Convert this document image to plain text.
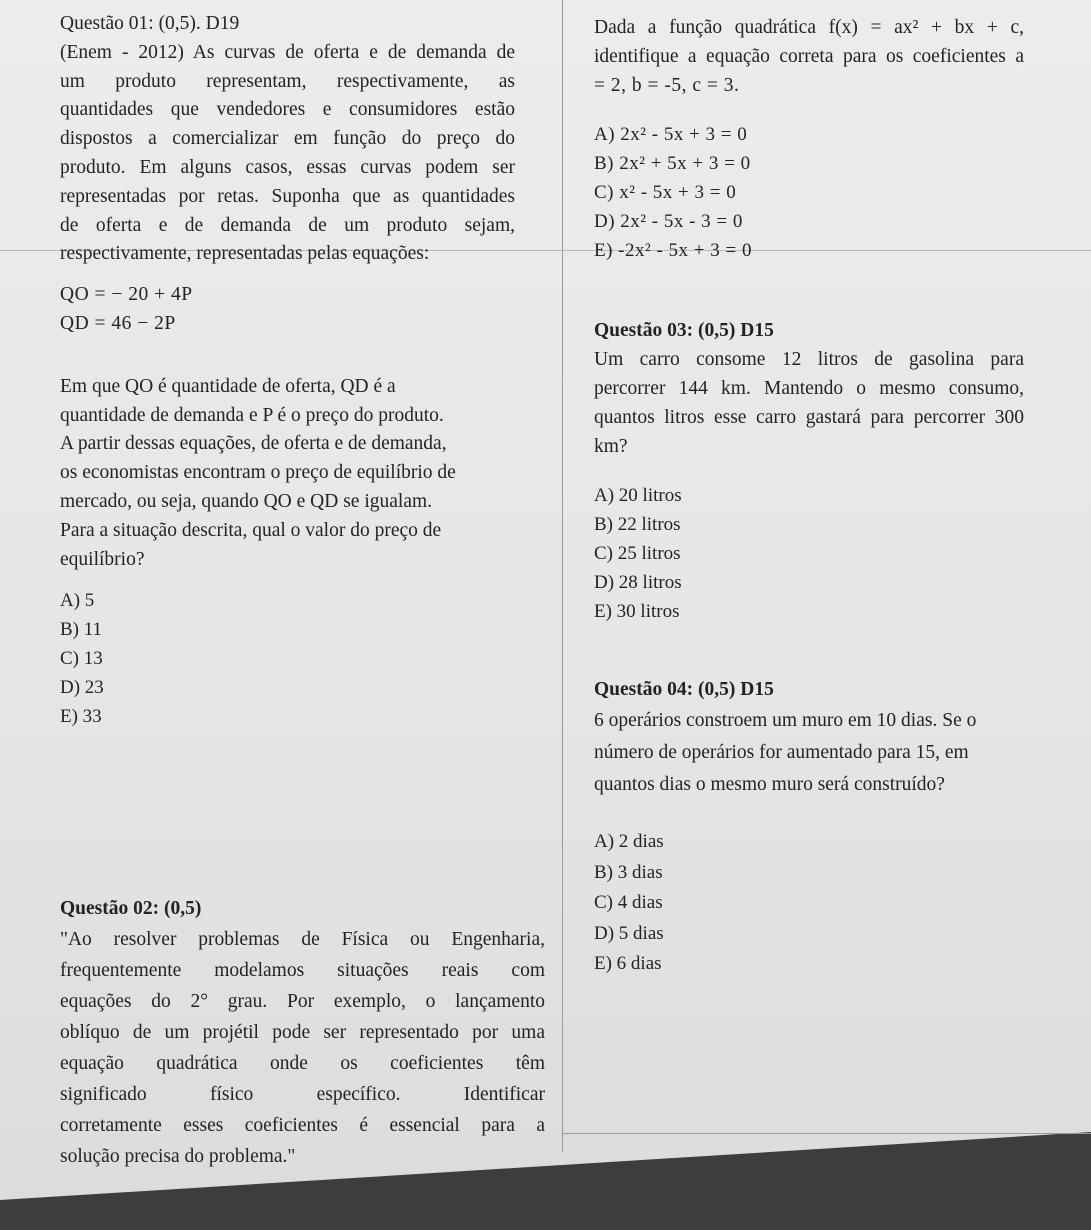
Questão 01: (0,5). D19
(Enem - 2012) As curvas de oferta e de demanda de
um produto representam, respectivamente, as
quantidades que vendedores e consumidores estão
dispostos a comercializar em função do preço do
produto. Em alguns casos, essas curvas podem ser
representadas por retas. Suponha que as quantidades
de oferta e de demanda de um produto sejam,
respectivamente, representadas pelas equações:
QO = − 20 + 4P
QD = 46 − 2P
Em que QO é quantidade de oferta, QD é a
quantidade de demanda e P é o preço do produto.
A partir dessas equações, de oferta e de demanda,
os economistas encontram o preço de equilíbrio de
mercado, ou seja, quando QO e QD se igualam.
Para a situação descrita, qual o valor do preço de
equilíbrio?
A) 5
B) 11
C) 13
D) 23
E) 33
Questão 02: (0,5)
"Ao resolver problemas de Física ou Engenharia,
frequentemente modelamos situações reais com
equações do 2° grau. Por exemplo, o lançamento
oblíquo de um projétil pode ser representado por uma
equação quadrática onde os coeficientes têm
significado físico específico. Identificar
corretamente esses coeficientes é essencial para a
solução precisa do problema."
Dada a função quadrática f(x) = ax² + bx + c,
identifique a equação correta para os coeficientes a
= 2, b = -5, c = 3.
A) 2x² - 5x + 3 = 0
B) 2x² + 5x + 3 = 0
C) x² - 5x + 3 = 0
D) 2x² - 5x - 3 = 0
E) -2x² - 5x + 3 = 0
Questão 03: (0,5) D15
Um carro consome 12 litros de gasolina para
percorrer 144 km. Mantendo o mesmo consumo,
quantos litros esse carro gastará para percorrer 300
km?
A) 20 litros
B) 22 litros
C) 25 litros
D) 28 litros
E) 30 litros
Questão 04: (0,5) D15
6 operários constroem um muro em 10 dias. Se o
número de operários for aumentado para 15, em
quantos dias o mesmo muro será construído?
A) 2 dias
B) 3 dias
C) 4 dias
D) 5 dias
E) 6 dias
